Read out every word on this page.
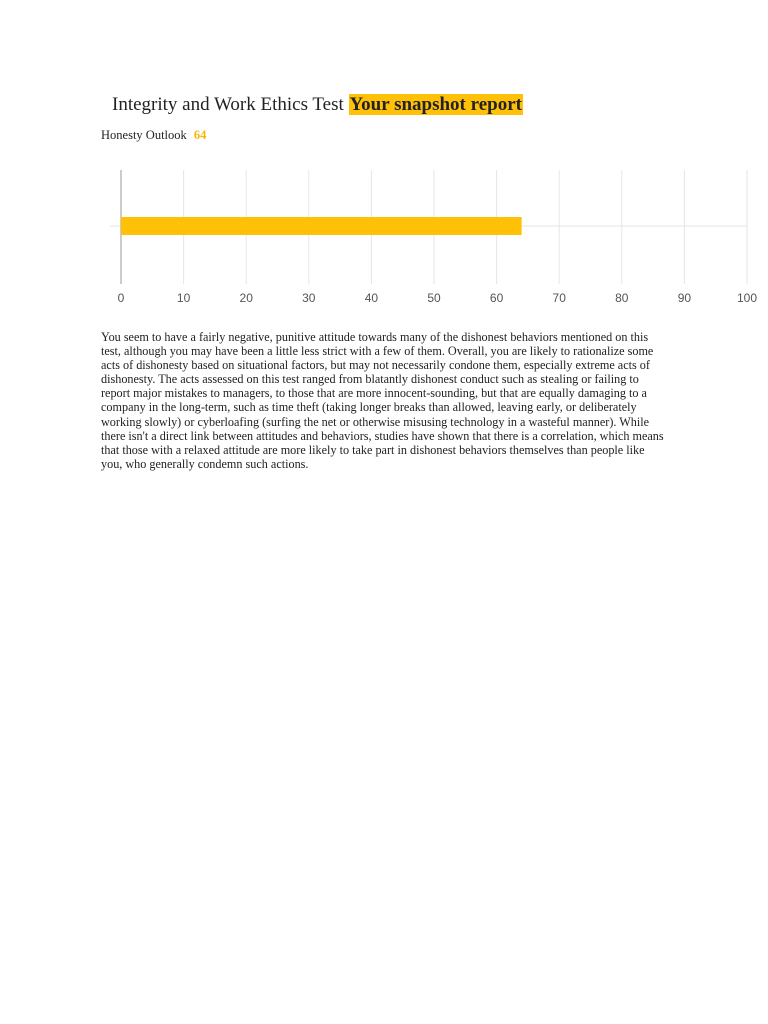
Integrity and Work Ethics Test Your snapshot report
Honesty Outlook 64
0	10	20	30	40	50	60	70	80	90	100

You seem to have a fairly negative, punitive attitude towards many of the dishonest behaviors mentioned on this test, although you may have been a little less strict with a few of them. Overall, you are likely to rationalize some acts of dishonesty based on situational factors, but may not necessarily condone them, especially extreme acts of dishonesty. The acts assessed on this test ranged from blatantly dishonest conduct such as stealing or failing to report major mistakes to managers, to those that are more innocent-sounding, but that are equally damaging to a company in the long-term, such as time theft (taking longer breaks than allowed, leaving early, or deliberately working slowly) or cyberloafing (surfing the net or otherwise misusing technology in a wasteful manner). While there isn't a direct link between attitudes and behaviors, studies have shown that there is a correlation, which means that those with a relaxed attitude are more likely to take part in dishonest behaviors themselves than people like you, who generally condemn such actions.
